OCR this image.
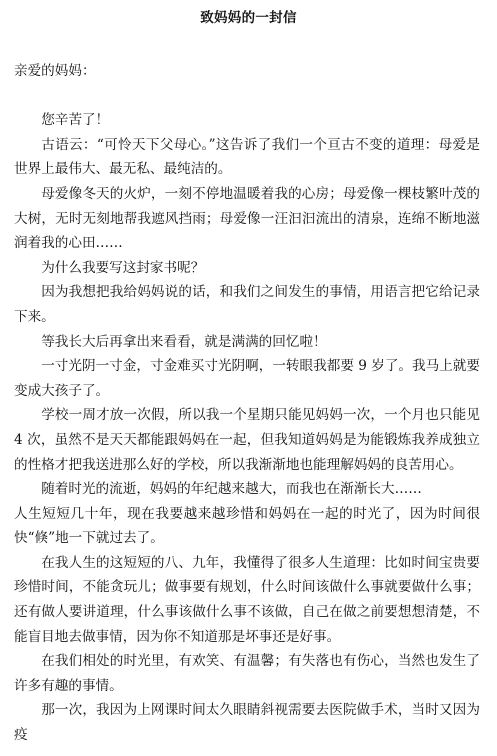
致妈妈的一封信

亲爱的妈妈：

您辛苦了！

古语云：“可怜天下父母心。”这告诉了我们一个亘古不变的道理：母爱是世界上最伟大、最无私、最纯洁的。

母爱像冬天的火炉，一刻不停地温暖着我的心房；母爱像一棵枝繁叶茂的大树，无时无刻地帮我遮风挡雨；母爱像一汪汩汩流出的清泉，连绵不断地滋润着我的心田……

为什么我要写这封家书呢？

因为我想把我给妈妈说的话，和我们之间发生的事情，用语言把它给记录下来。

等我长大后再拿出来看看，就是满满的回忆啦！

一寸光阴一寸金，寸金难买寸光阴啊，一转眼我都要 9 岁了。我马上就要变成大孩子了。

学校一周才放一次假，所以我一个星期只能见妈妈一次，一个月也只能见 4 次，虽然不是天天都能跟妈妈在一起，但我知道妈妈是为能锻炼我养成独立的性格才把我送进那么好的学校，所以我渐渐地也能理解妈妈的良苦用心。

随着时光的流逝，妈妈的年纪越来越大，而我也在渐渐长大……

人生短短几十年，现在我要越来越珍惜和妈妈在一起的时光了，因为时间很快“倏”地一下就过去了。

在我人生的这短短的八、九年，我懂得了很多人生道理：比如时间宝贵要珍惜时间，不能贪玩儿；做事要有规划，什么时间该做什么事就要做什么事；还有做人要讲道理，什么事该做什么事不该做，自己在做之前要想想清楚，不能盲目地去做事情，因为你不知道那是坏事还是好事。

在我们相处的时光里，有欢笑、有温馨；有失落也有伤心，当然也发生了许多有趣的事情。

那一次，我因为上网课时间太久眼睛斜视需要去医院做手术，当时又因为疫
